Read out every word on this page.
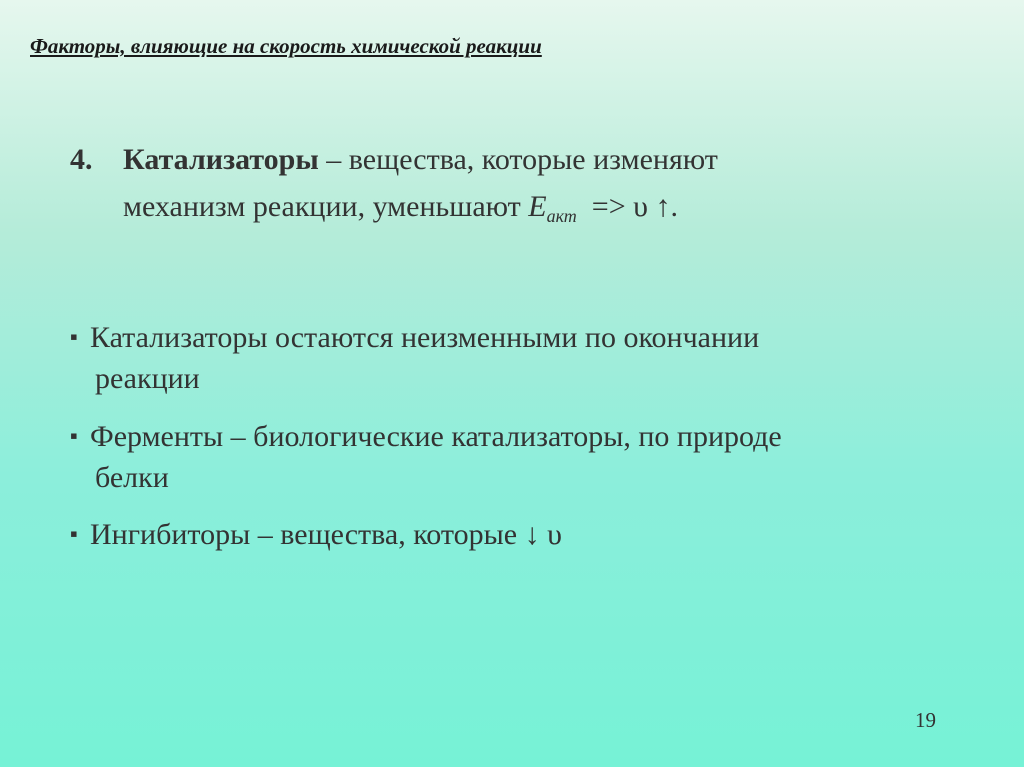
Факторы, влияющие на скорость химической реакции
4. Катализаторы – вещества, которые изменяют
механизм реакции, уменьшают $E_{акт} => \upsilon$ ↑.
▪ Катализаторы остаются неизменными по окончании
реакции
▪ Ферменты – биологические катализаторы, по природе
белки
▪ Ингибиторы – вещества, которые ↓ υ
19
